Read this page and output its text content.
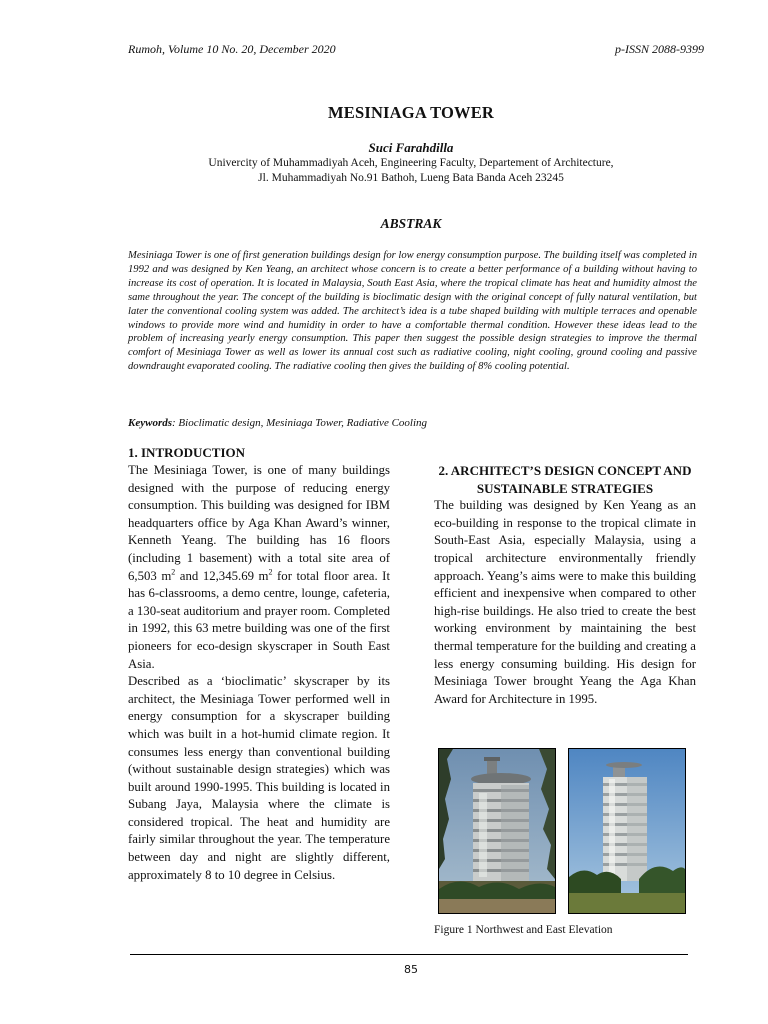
Rumoh, Volume 10 No. 20, December 2020	p-ISSN 2088-9399
MESINIAGA TOWER
Suci Farahdilla
Univercity of Muhammadiyah Aceh, Engineering Faculty, Departement of Architecture,
Jl. Muhammadiyah No.91 Bathoh, Lueng Bata Banda Aceh 23245
ABSTRAK

Mesiniaga Tower is one of first generation buildings design for low energy consumption purpose. The building itself was completed in 1992 and was designed by Ken Yeang, an architect whose concern is to create a better performance of a building without having to increase its cost of operation. It is located in Malaysia, South East Asia, where the tropical climate has heat and humidity almost the same throughout the year. The concept of the building is bioclimatic design with the original concept of fully natural ventilation, but later the conventional cooling system was added. The architect’s idea is a tube shaped building with multiple terraces and openable windows to provide more wind and humidity in order to have a comfortable thermal condition. However these ideas lead to the problem of increasing yearly energy consumption. This paper then suggest the possible design strategies to improve the thermal comfort of Mesiniaga Tower as well as lower its annual cost such as radiative cooling, night cooling, ground cooling and passive downdraught evaporated cooling. The radiative cooling then gives the building of 8% cooling potential.

Keywords: Bioclimatic design, Mesiniaga Tower, Radiative Cooling
1. INTRODUCTION

The Mesiniaga Tower, is one of many buildings designed with the purpose of reducing energy consumption. This building was designed for IBM headquarters office by Aga Khan Award’s winner, Kenneth Yeang. The building has 16 floors (including 1 basement) with a total site area of 6,503 $m^2$ and 12,345.69 $m^2$ for total floor area. It has 6-classrooms, a demo centre, lounge, cafeteria, a 130-seat auditorium and prayer room. Completed in 1992, this 63 metre building was one of the first pioneers for eco-design skyscraper in South East Asia.

Described as a ‘bioclimatic’ skyscraper by its architect, the Mesiniaga Tower performed well in energy consumption for a skyscraper building which was built in a hot-humid climate region. It consumes less energy than conventional building (without sustainable design strategies) which was built around 1990-1995. This building is located in Subang Jaya, Malaysia where the climate is considered tropical. The heat and humidity are fairly similar throughout the year. The temperature between day and night are slightly different, approximately 8 to 10 degree in Celsius.

2. ARCHITECT’S DESIGN CONCEPT AND SUSTAINABLE STRATEGIES

The building was designed by Ken Yeang as an eco-building in response to the tropical climate in South-East Asia, especially Malaysia, using a tropical architecture environmentally friendly approach. Yeang’s aims were to make this building efficient and inexpensive when compared to other high-rise buildings. He also tried to create the best working environment by maintaining the best thermal temperature for the building and creating a less energy consuming building. His design for Mesiniaga Tower brought Yeang the Aga Khan Award for Architecture in 1995.

Figure 1 Northwest and East Elevation
85
